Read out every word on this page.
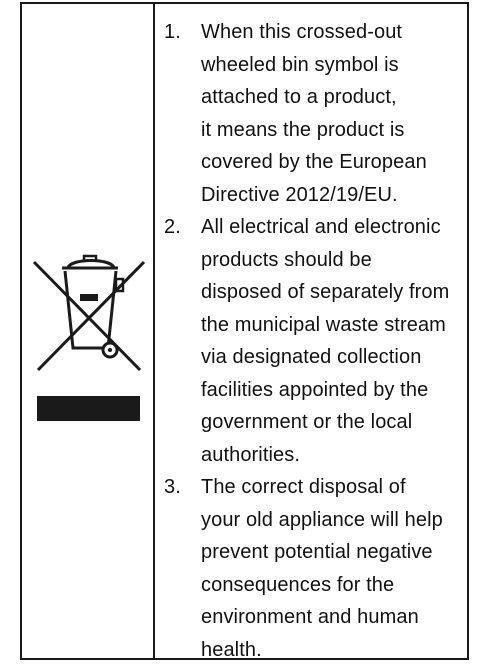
1. When this crossed-out
wheeled bin symbol is
attached to a product,
it means the product is
covered by the European
Directive 2012/19/EU.
2. All electrical and electronic
products should be
disposed of separately from
the municipal waste stream
via designated collection
facilities appointed by the
government or the local
authorities.
3. The correct disposal of
your old appliance will help
prevent potential negative
consequences for the
environment and human
health.
